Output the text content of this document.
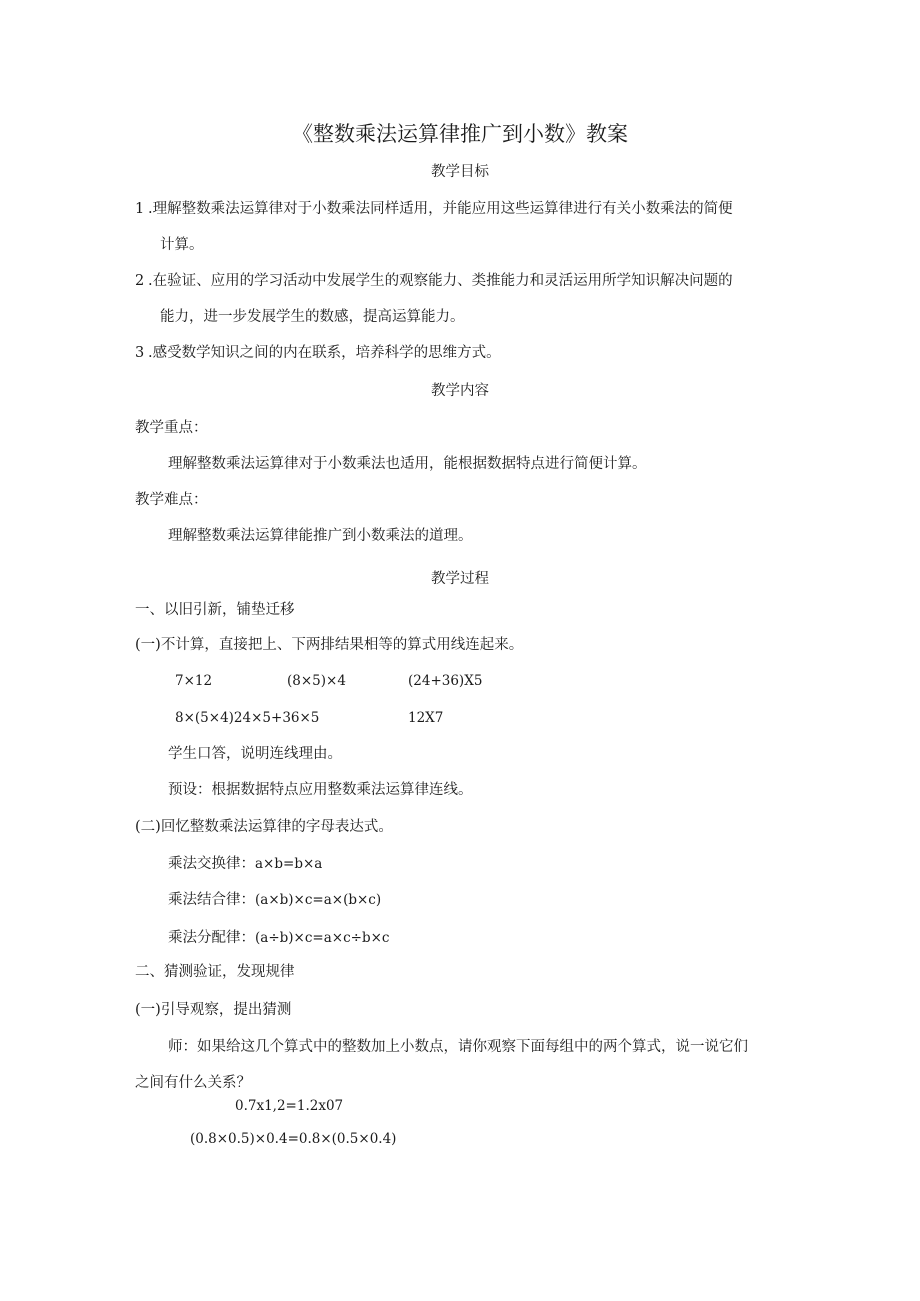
《整数乘法运算律推广到小数》教案
教学目标
1 .理解整数乘法运算律对于小数乘法同样适用，并能应用这些运算律进行有关小数乘法的简便
计算。
2 .在验证、应用的学习活动中发展学生的观察能力、类推能力和灵活运用所学知识解决问题的
能力，进一步发展学生的数感，提高运算能力。
3 .感受数学知识之间的内在联系，培养科学的思维方式。
教学内容
教学重点：
理解整数乘法运算律对于小数乘法也适用，能根据数据特点进行简便计算。
教学难点：
理解整数乘法运算律能推广到小数乘法的道理。
教学过程
一、以旧引新，铺垫迁移
(一)不计算，直接把上、下两排结果相等的算式用线连起来。
7×12	(8×5)×4	(24+36)X5
8×(5×4)24×5+36×5	12X7
学生口答，说明连线理由。
预设：根据数据特点应用整数乘法运算律连线。
(二)回忆整数乘法运算律的字母表达式。
乘法交换律：a×b=b×a
乘法结合律：(a×b)×c=a×(b×c)
乘法分配律：(a÷b)×c=a×c÷b×c
二、猜测验证，发现规律
(一)引导观察，提出猜测
师：如果给这几个算式中的整数加上小数点，请你观察下面每组中的两个算式，说一说它们
之间有什么关系？
0.7x1,2=1.2x07
(0.8×0.5)×0.4=0.8×(0.5×0.4)
